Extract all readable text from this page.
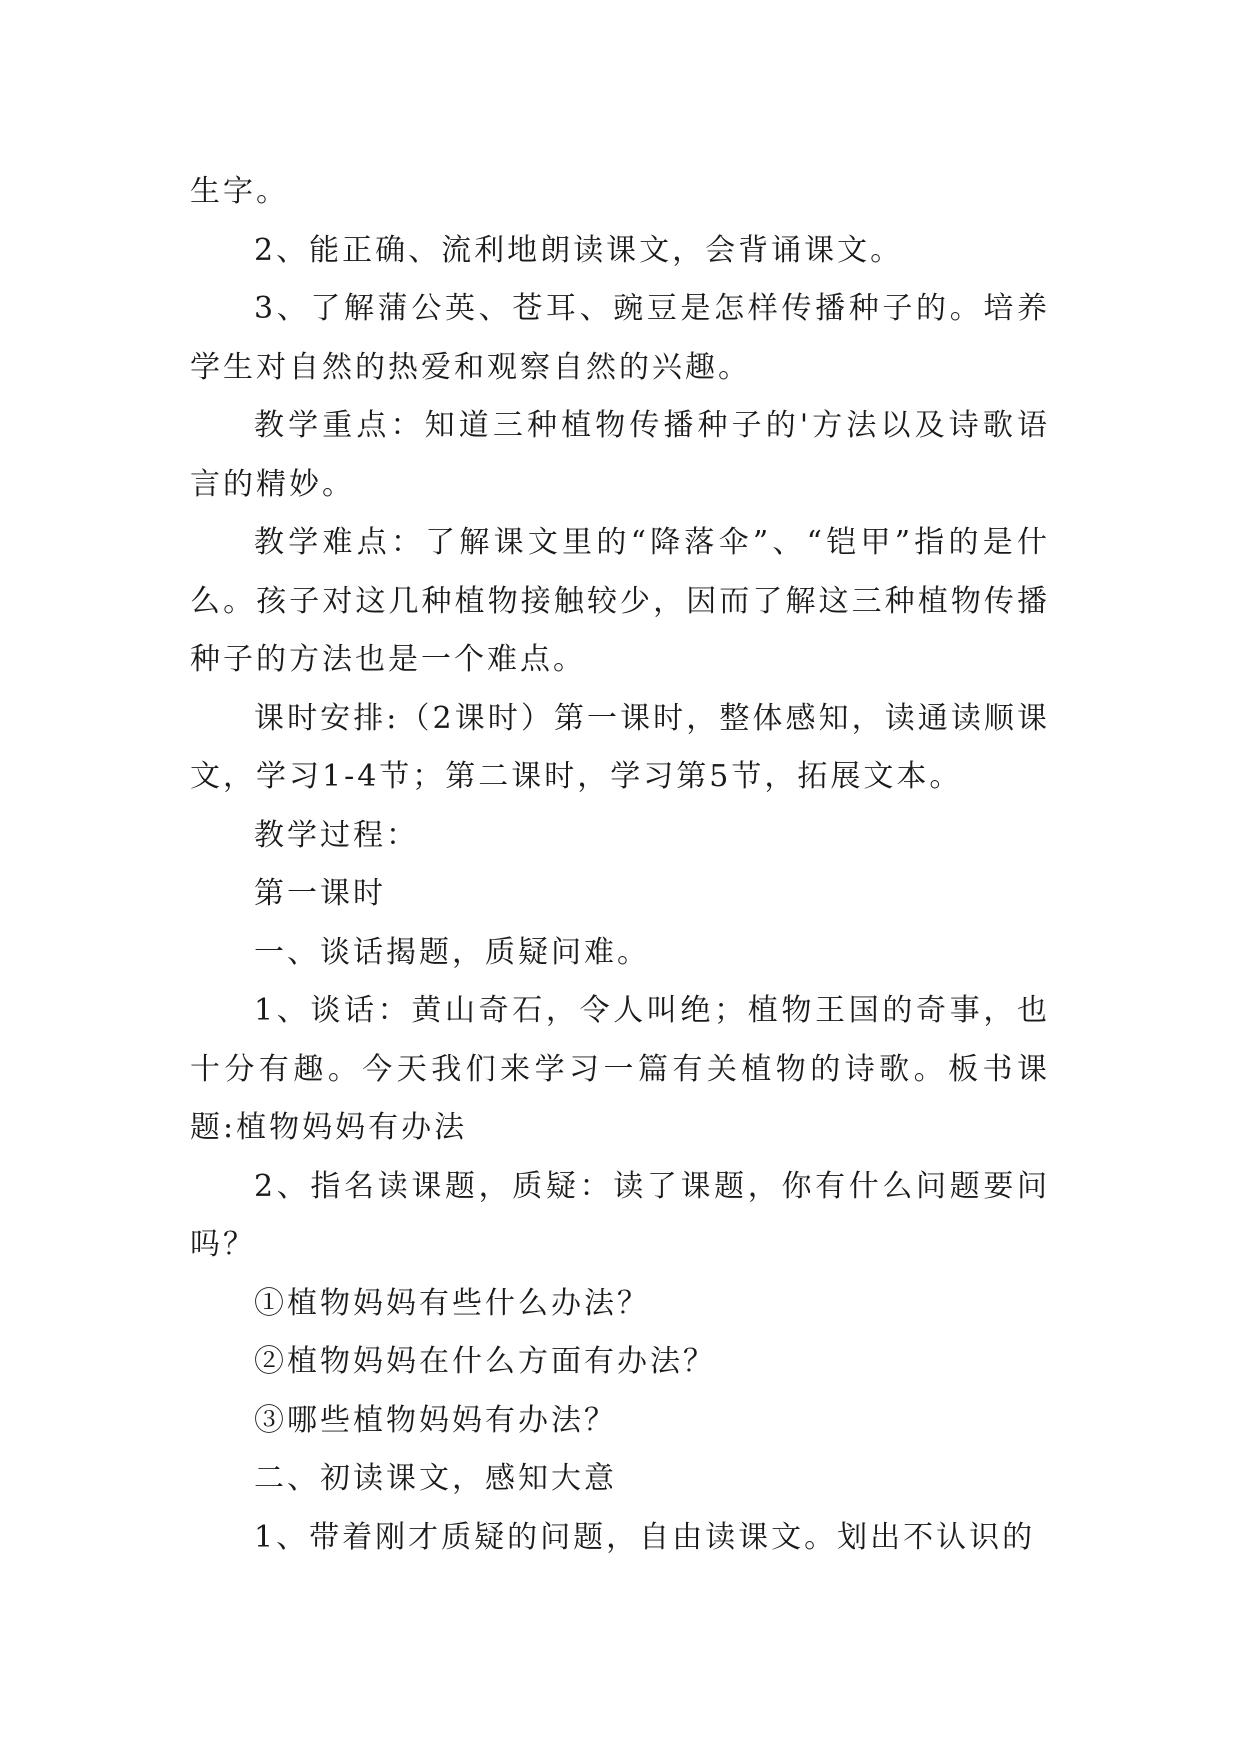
生字。

2、能正确、流利地朗读课文，会背诵课文。

3、了解蒲公英、苍耳、豌豆是怎样传播种子的。培养学生对自然的热爱和观察自然的兴趣。

教学重点：知道三种植物传播种子的'方法以及诗歌语言的精妙。

教学难点：了解课文里的“降落伞”、“铠甲”指的是什么。孩子对这几种植物接触较少，因而了解这三种植物传播种子的方法也是一个难点。

课时安排:（2课时）第一课时，整体感知，读通读顺课文，学习1-4节；第二课时，学习第5节，拓展文本。

教学过程：

第一课时

一、谈话揭题，质疑问难。

1、谈话：黄山奇石，令人叫绝；植物王国的奇事，也十分有趣。今天我们来学习一篇有关植物的诗歌。板书课题:植物妈妈有办法

2、指名读课题，质疑：读了课题，你有什么问题要问吗？

①植物妈妈有些什么办法？

②植物妈妈在什么方面有办法？

③哪些植物妈妈有办法？

二、初读课文，感知大意

1、带着刚才质疑的问题，自由读课文。划出不认识的
